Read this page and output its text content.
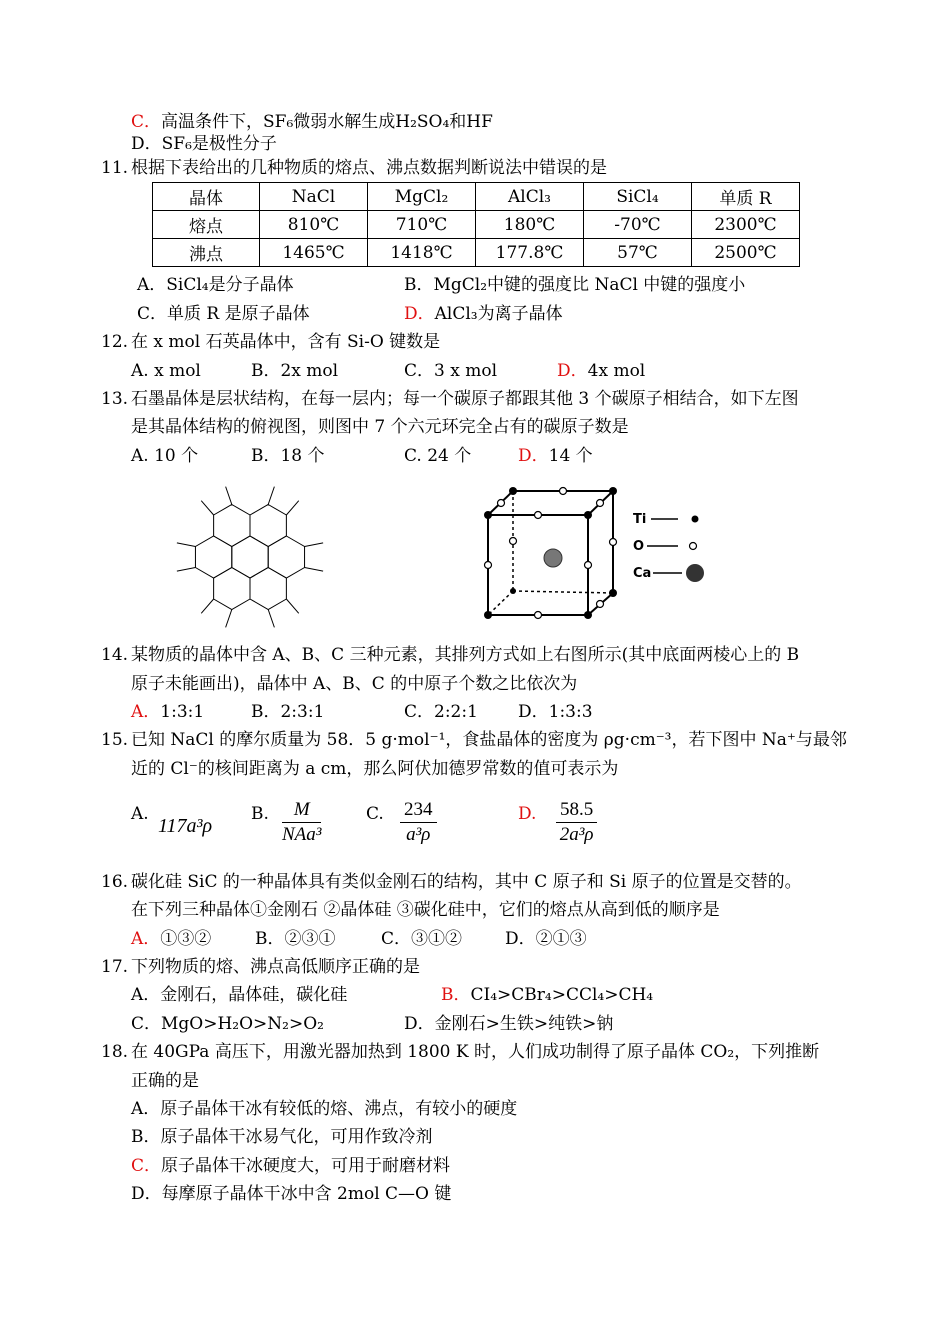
C．高温条件下，SF₆微弱水解生成H₂SO₄和HF
D．SF₆是极性分子
11. 根据下表给出的几种物质的熔点、沸点数据判断说法中错误的是
晶体	NaCl	MgCl₂	AlCl₃	SiCl₄	单质 R
熔点	810℃	710℃	180℃	-70℃	2300℃
沸点	1465℃	1418℃	177.8℃	57℃	2500℃
A．SiCl₄是分子晶体	B．MgCl₂中键的强度比 NaCl 中键的强度小
C．单质 R 是原子晶体	D．AlCl₃为离子晶体
12. 在 x mol 石英晶体中，含有 Si-O 键数是
A. x mol	B．2x mol	C．3 x mol	D．4x mol
13. 石墨晶体是层状结构，在每一层内；每一个碳原子都跟其他 3 个碳原子相结合，如下左图
是其晶体结构的俯视图，则图中 7 个六元环完全占有的碳原子数是
A. 10 个	B．18 个	C. 24 个	D．14 个
Ti
O
Ca
14. 某物质的晶体中含 A、B、C 三种元素，其排列方式如上右图所示(其中底面两棱心上的 B
原子未能画出)，晶体中 A、B、C 的中原子个数之比依次为
A．1:3:1	B．2:3:1	C．2:2:1 D．1:3:3
15. 已知 NaCl 的摩尔质量为 58．5 g·mol⁻¹，食盐晶体的密度为 ρg·cm⁻³，若下图中 Na⁺与最邻
近的 Cl⁻的核间距离为 a cm，那么阿伏加德罗常数的值可表示为
A.
117a³ρ
B.	M
NAa³
C. $\frac{234}{\text{a³ρ}}$	D. $\frac{58.5}{\text{2a³ρ}}$
16. 碳化硅 SiC 的一种晶体具有类似金刚石的结构，其中 C 原子和 Si 原子的位置是交替的。
在下列三种晶体①金刚石 ②晶体硅 ③碳化硅中，它们的熔点从高到低的顺序是
A．①③②	B．②③①	C．③①②	D．②①③
17. 下列物质的熔、沸点高低顺序正确的是
A．金刚石，晶体硅，碳化硅	B．CI₄>CBr₄>CCl₄>CH₄
C．MgO>H₂O>N₂>O₂	D．金刚石>生铁>纯铁>钠
18. 在 40GPa 高压下，用激光器加热到 1800 K 时，人们成功制得了原子晶体 CO₂，下列推断
正确的是
A．原子晶体干冰有较低的熔、沸点，有较小的硬度
B．原子晶体干冰易气化，可用作致冷剂
C．原子晶体干冰硬度大，可用于耐磨材料
D．每摩原子晶体干冰中含 2mol C—O 键
